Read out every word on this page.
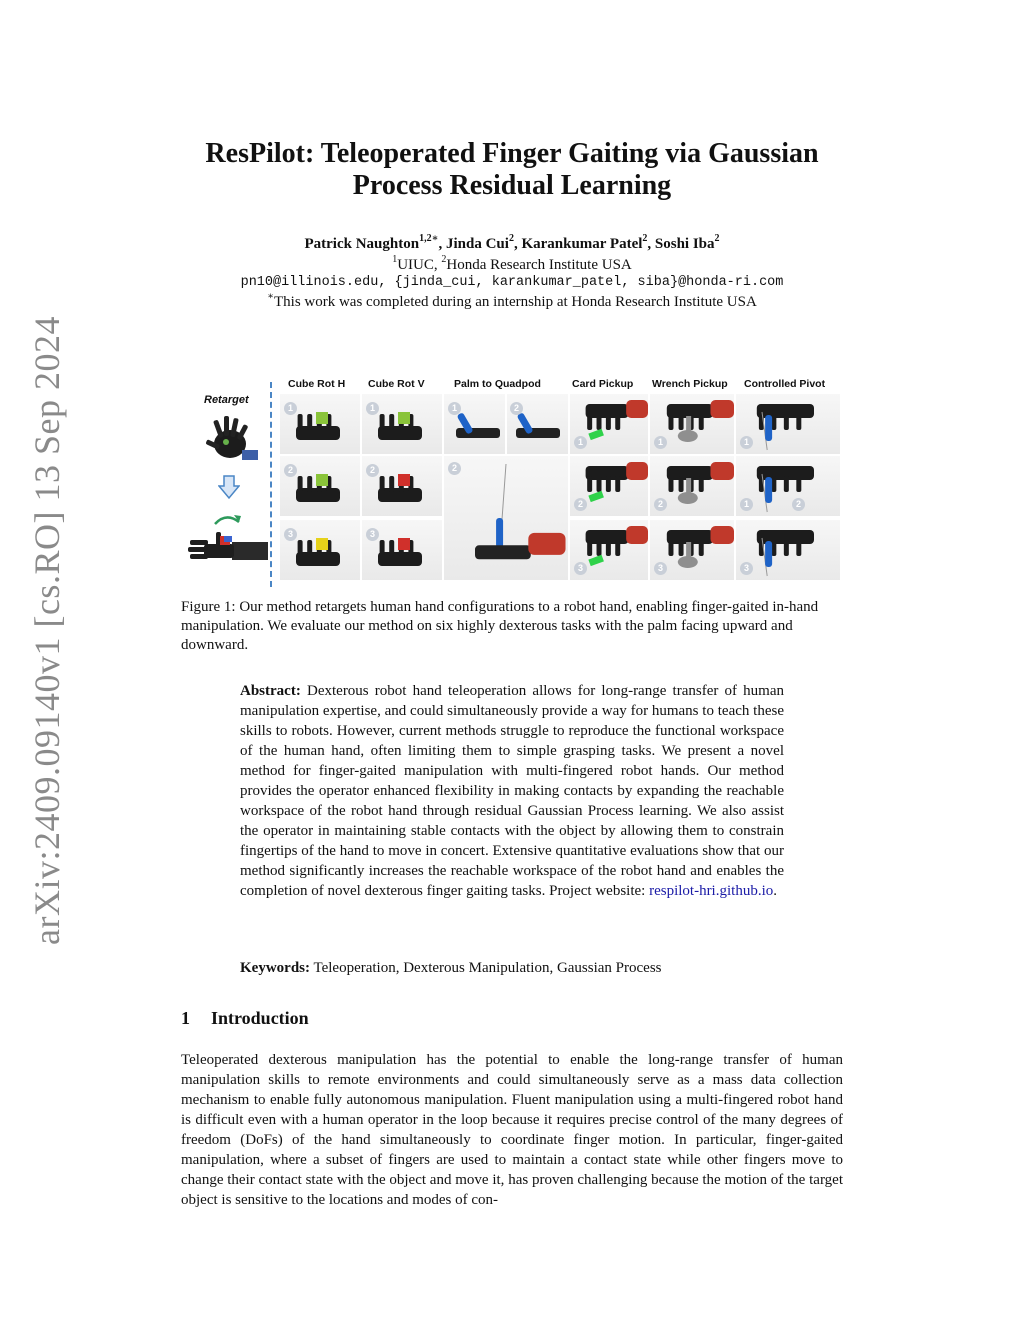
arXiv:2409.09140v1 [cs.RO] 13 Sep 2024
ResPilot: Teleoperated Finger Gaiting via Gaussian
Process Residual Learning
Patrick Naughton$^{1,2∗}$, Jinda Cui$^2$, Karankumar Patel$^2$, Soshi Iba$^2$
$^1$UIUC, $^2$Honda Research Institute USA
pn10@illinois.edu, {jinda_cui, karankumar_patel, siba}@honda-ri.com
∗This work was completed during an internship at Honda Research Institute USA
Retarget
Cube Rot H
1
2
3
Cube Rot V
1
2
3
Palm to Quadpod
1	2
2
Card Pickup
1
2
3
Wrench Pickup
1
2
3
Controlled Pivot
1
1	2
3
Figure 1: Our method retargets human hand configurations to a robot hand, enabling finger-gaited in-hand manipulation. We evaluate our method on six highly dexterous tasks with the palm facing upward and downward.
Abstract: Dexterous robot hand teleoperation allows for long-range transfer of human manipulation expertise, and could simultaneously provide a way for humans to teach these skills to robots. However, current methods struggle to reproduce the functional workspace of the human hand, often limiting them to simple grasping tasks. We present a novel method for finger-gaited manipulation with multi-fingered robot hands. Our method provides the operator enhanced flexibility in making contacts by expanding the reachable workspace of the robot hand through residual Gaussian Process learning. We also assist the operator in maintaining stable contacts with the object by allowing them to constrain fingertips of the hand to move in concert. Extensive quantitative evaluations show that our method significantly increases the reachable workspace of the robot hand and enables the completion of novel dexterous finger gaiting tasks. Project website: respilot-hri.github.io.
Keywords: Teleoperation, Dexterous Manipulation, Gaussian Process
1 Introduction
Teleoperated dexterous manipulation has the potential to enable the long-range transfer of human manipulation skills to remote environments and could simultaneously serve as a mass data collection mechanism to enable fully autonomous manipulation. Fluent manipulation using a multi-fingered robot hand is difficult even with a human operator in the loop because it requires precise control of the many degrees of freedom (DoFs) of the hand simultaneously to coordinate finger motion. In particular, finger-gaited manipulation, where a subset of fingers are used to maintain a contact state while other fingers move to change their contact state with the object and move it, has proven challenging because the motion of the target object is sensitive to the locations and modes of con-
